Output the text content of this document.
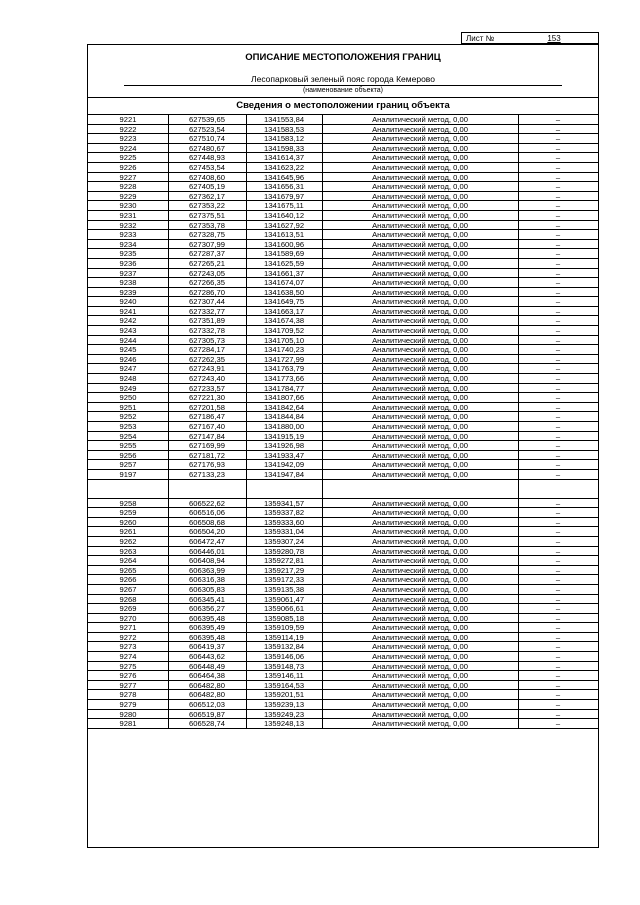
Лист №	153
ОПИСАНИЕ МЕСТОПОЛОЖЕНИЯ ГРАНИЦ
Лесопарковый зеленый пояс города Кемерово
(наименование объекта)
Сведения о местоположении границ объекта
9221	627539,65	1341553,84	Аналитический метод, 0,00	–
9222	627523,54	1341583,53	Аналитический метод, 0,00	–
9223	627510,74	1341583,12	Аналитический метод, 0,00	–
9224	627480,67	1341598,33	Аналитический метод, 0,00	–
9225	627448,93	1341614,37	Аналитический метод, 0,00	–
9226	627453,54	1341623,22	Аналитический метод, 0,00	–
9227	627408,60	1341645,96	Аналитический метод, 0,00	–
9228	627405,19	1341656,31	Аналитический метод, 0,00	–
9229	627362,17	1341679,97	Аналитический метод, 0,00	–
9230	627353,22	1341675,11	Аналитический метод, 0,00	–
9231	627375,51	1341640,12	Аналитический метод, 0,00	–
9232	627353,78	1341627,92	Аналитический метод, 0,00	–
9233	627328,75	1341613,51	Аналитический метод, 0,00	–
9234	627307,99	1341600,96	Аналитический метод, 0,00	–
9235	627287,37	1341589,69	Аналитический метод, 0,00	–
9236	627265,21	1341625,59	Аналитический метод, 0,00	–
9237	627243,05	1341661,37	Аналитический метод, 0,00	–
9238	627266,35	1341674,07	Аналитический метод, 0,00	–
9239	627286,70	1341638,50	Аналитический метод, 0,00	–
9240	627307,44	1341649,75	Аналитический метод, 0,00	–
9241	627332,77	1341663,17	Аналитический метод, 0,00	–
9242	627351,89	1341674,38	Аналитический метод, 0,00	–
9243	627332,78	1341709,52	Аналитический метод, 0,00	–
9244	627305,73	1341705,10	Аналитический метод, 0,00	–
9245	627284,17	1341740,23	Аналитический метод, 0,00	–
9246	627262,35	1341727,99	Аналитический метод, 0,00	–
9247	627243,91	1341763,79	Аналитический метод, 0,00	–
9248	627243,40	1341773,66	Аналитический метод, 0,00	–
9249	627233,57	1341784,77	Аналитический метод, 0,00	–
9250	627221,30	1341807,66	Аналитический метод, 0,00	–
9251	627201,58	1341842,64	Аналитический метод, 0,00	–
9252	627186,47	1341844,84	Аналитический метод, 0,00	–
9253	627167,40	1341880,00	Аналитический метод, 0,00	–
9254	627147,84	1341915,19	Аналитический метод, 0,00	–
9255	627169,99	1341926,98	Аналитический метод, 0,00	–
9256	627181,72	1341933,47	Аналитический метод, 0,00	–
9257	627176,93	1341942,09	Аналитический метод, 0,00	–
9197	627133,23	1341947,84	Аналитический метод, 0,00	–
9258	606522,62	1359341,57	Аналитический метод, 0,00	–
9259	606516,06	1359337,82	Аналитический метод, 0,00	–
9260	606508,68	1359333,60	Аналитический метод, 0,00	–
9261	606504,20	1359331,04	Аналитический метод, 0,00	–
9262	606472,47	1359307,24	Аналитический метод, 0,00	–
9263	606446,01	1359280,78	Аналитический метод, 0,00	–
9264	606408,94	1359272,81	Аналитический метод, 0,00	–
9265	606363,99	1359217,29	Аналитический метод, 0,00	–
9266	606316,38	1359172,33	Аналитический метод, 0,00	–
9267	606305,83	1359135,38	Аналитический метод, 0,00	–
9268	606345,41	1359061,47	Аналитический метод, 0,00	–
9269	606356,27	1359066,61	Аналитический метод, 0,00	–
9270	606395,48	1359085,18	Аналитический метод, 0,00	–
9271	606395,49	1359109,59	Аналитический метод, 0,00	–
9272	606395,48	1359114,19	Аналитический метод, 0,00	–
9273	606419,37	1359132,84	Аналитический метод, 0,00	–
9274	606443,62	1359146,06	Аналитический метод, 0,00	–
9275	606448,49	1359148,73	Аналитический метод, 0,00	–
9276	606464,38	1359146,11	Аналитический метод, 0,00	–
9277	606482,80	1359164,53	Аналитический метод, 0,00	–
9278	606482,80	1359201,51	Аналитический метод, 0,00	–
9279	606512,03	1359239,13	Аналитический метод, 0,00	–
9280	606519,87	1359249,23	Аналитический метод, 0,00	–
9281	606528,74	1359248,13	Аналитический метод, 0,00	–
